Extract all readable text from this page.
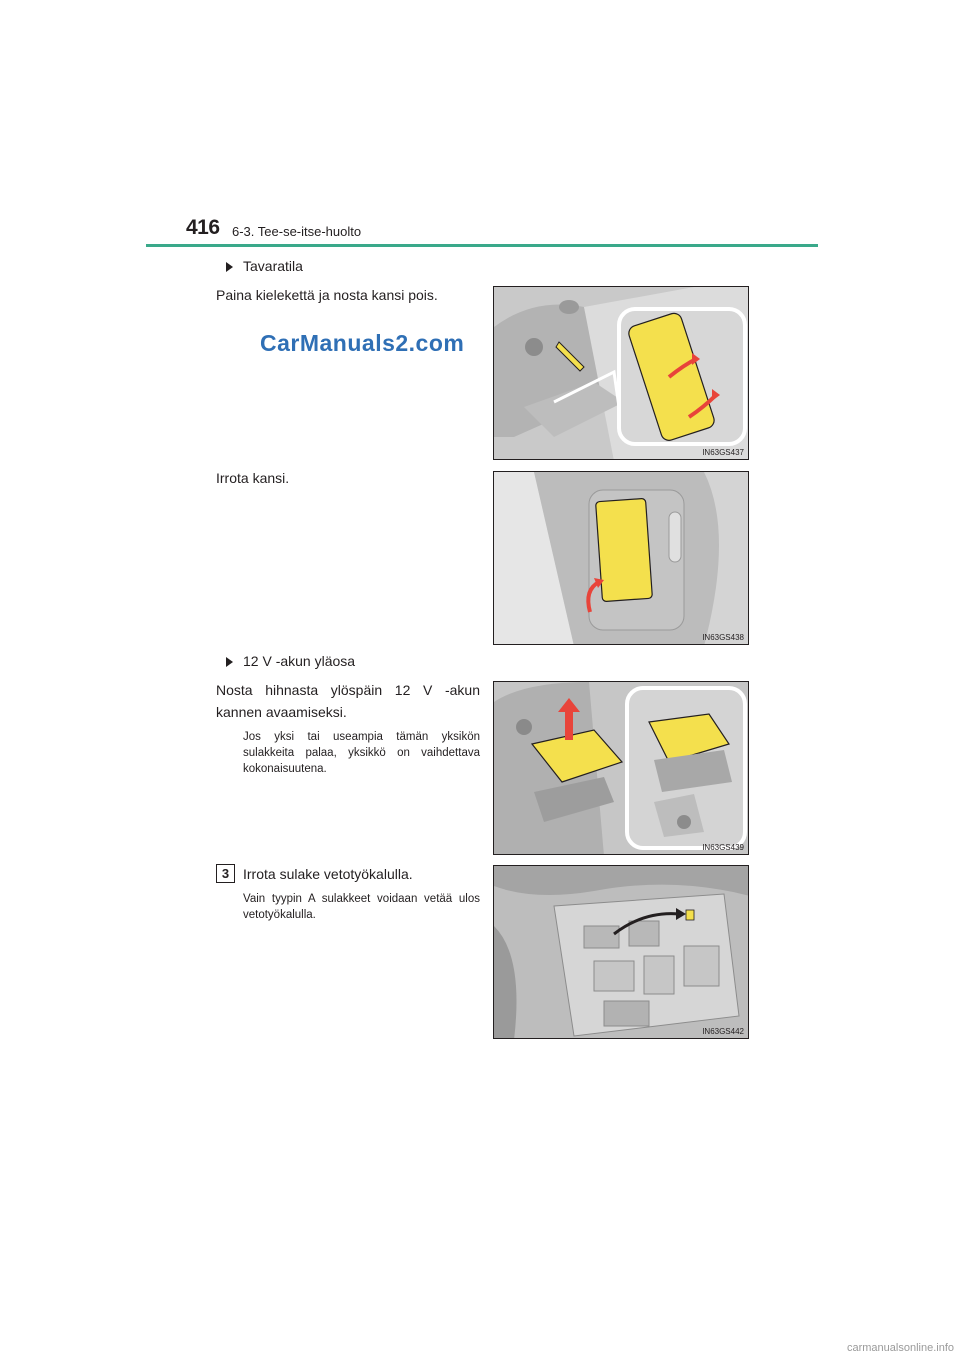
416 6-3. Tee-se-itse-huolto
Tavaratila
Paina kielekettä ja nosta kansi pois.
CarManuals2.com
IN63GS437
Irrota kansi.
IN63GS438
12 V -akun yläosa
Nosta hihnasta ylöspäin 12 V -akun kannen avaamiseksi.
Jos yksi tai useampia tämän yksikön sulakkeita palaa, yksikkö on vaihdettava kokonaisuutena.
IN63GS439
3 Irrota sulake vetotyökalulla.
Vain tyypin A sulakkeet voidaan vetää ulos vetotyökalulla.
IN63GS442
carmanualsonline.info
